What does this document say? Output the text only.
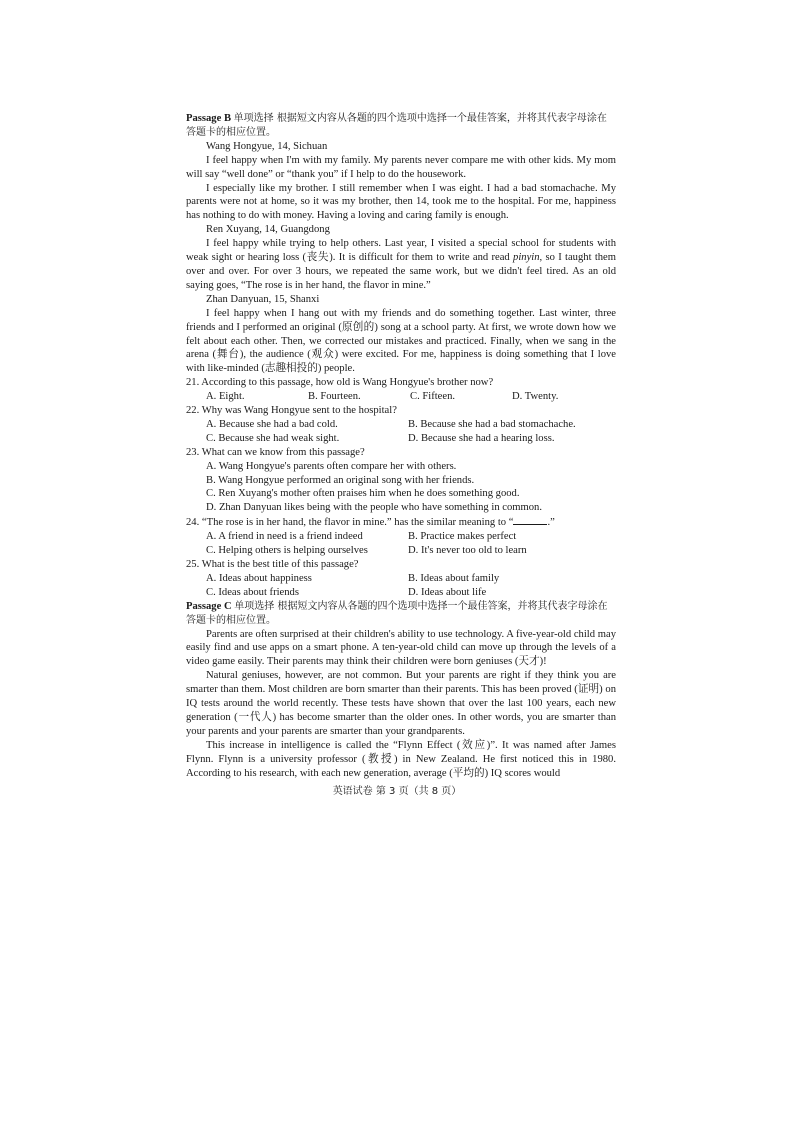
Passage B 单项选择 根据短文内容从各题的四个选项中选择一个最佳答案，并将其代表字母涂在答题卡的相应位置。

Wang Hongyue, 14, Sichuan

I feel happy when I'm with my family. My parents never compare me with other kids. My mom will say “well done” or “thank you” if I help to do the housework.

I especially like my brother. I still remember when I was eight. I had a bad stomachache. My parents were not at home, so it was my brother, then 14, took me to the hospital. For me, happiness has nothing to do with money. Having a loving and caring family is enough.

Ren Xuyang, 14, Guangdong

I feel happy while trying to help others. Last year, I visited a special school for students with weak sight or hearing loss (丧失). It is difficult for them to write and read pinyin, so I taught them over and over. For over 3 hours, we repeated the same work, but we didn't feel tired. As an old saying goes, “The rose is in her hand, the flavor in mine.”

Zhan Danyuan, 15, Shanxi

I feel happy when I hang out with my friends and do something together. Last winter, three friends and I performed an original (原创的) song at a school party. At first, we wrote down how we felt about each other. Then, we corrected our mistakes and practiced. Finally, when we sang in the arena (舞台), the audience (观众) were excited. For me, happiness is doing something that I love with like-minded (志趣相投的) people.

21. According to this passage, how old is Wang Hongyue's brother now?

A. Eight.	B. Fourteen.	C. Fifteen.	D. Twenty.

22. Why was Wang Hongyue sent to the hospital?

A. Because she had a bad cold.	B. Because she had a bad stomachache.
C. Because she had weak sight.	D. Because she had a hearing loss.

23. What can we know from this passage?

A. Wang Hongyue's parents often compare her with others.
B. Wang Hongyue performed an original song with her friends.
C. Ren Xuyang's mother often praises him when he does something good.
D. Zhan Danyuan likes being with the people who have something in common.

24. “The rose is in her hand, the flavor in mine.” has the similar meaning to “	.”

A. A friend in need is a friend indeed	B. Practice makes perfect
C. Helping others is helping ourselves	D. It's never too old to learn

25. What is the best title of this passage?

A. Ideas about happiness	B. Ideas about family
C. Ideas about friends	D. Ideas about life

Passage C 单项选择 根据短文内容从各题的四个选项中选择一个最佳答案，并将其代表字母涂在答题卡的相应位置。

Parents are often surprised at their children's ability to use technology. A five-year-old child may easily find and use apps on a smart phone. A ten-year-old child can move up through the levels of a video game easily. Their parents may think their children were born geniuses (天才)!

Natural geniuses, however, are not common. But your parents are right if they think you are smarter than them. Most children are born smarter than their parents. This has been proved (证明) on IQ tests around the world recently. These tests have shown that over the last 100 years, each new generation (一代人) has become smarter than the older ones. In other words, you are smarter than your parents and your parents are smarter than your grandparents.

This increase in intelligence is called the “Flynn Effect (效应)”. It was named after James Flynn. Flynn is a university professor (教授) in New Zealand. He first noticed this in 1980. According to his research, with each new generation, average (平均的) IQ scores would

英语试卷 第 3 页（共 8 页）
